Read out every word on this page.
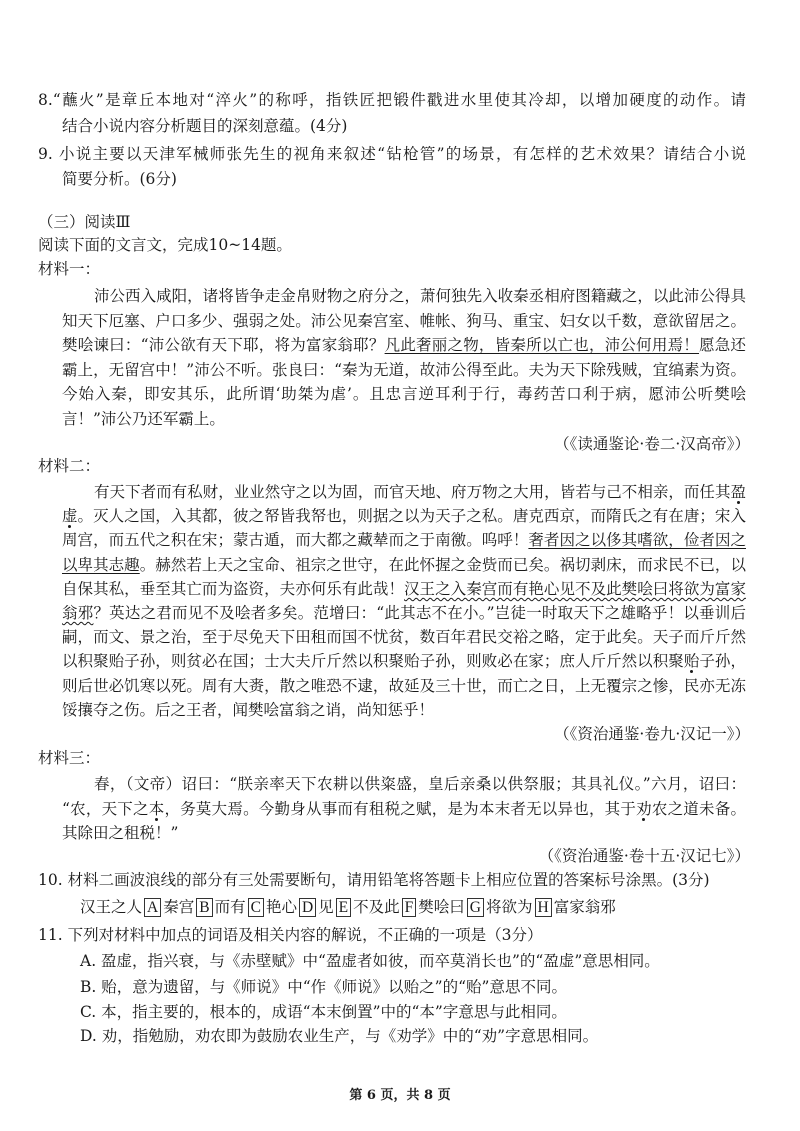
8.“蘸火”是章丘本地对“淬火”的称呼，指铁匠把锻件戳进水里使其冷却，以增加硬度的动作。请
结合小说内容分析题目的深刻意蕴。(4分)
9. 小说主要以天津军械师张先生的视角来叙述“钻枪管”的场景，有怎样的艺术效果？请结合小说
简要分析。(6分)
（三）阅读Ⅲ
阅读下面的文言文，完成10~14题。
材料一：
沛公西入咸阳，诸将皆争走金帛财物之府分之，萧何独先入收秦丞相府图籍藏之，以此沛公得具
知天下厄塞、户口多少、强弱之处。沛公见秦宫室、帷帐、狗马、重宝、妇女以千数，意欲留居之。
樊哙谏曰：“沛公欲有天下耶，将为富家翁耶？凡此奢丽之物，皆秦所以亡也，沛公何用焉！愿急还
霸上，无留宫中！”沛公不听。张良曰：“秦为无道，故沛公得至此。夫为天下除残贼，宜缟素为资。
今始入秦，即安其乐，此所谓‘助桀为虐’。且忠言逆耳利于行，毒药苦口利于病，愿沛公听樊哙
言！”沛公乃还军霸上。
（《读通鉴论·卷二·汉高帝》）
材料二：
有天下者而有私财，业业然守之以为固，而官天地、府万物之大用，皆若与己不相亲，而任其盈
虚。灭人之国，入其都，彼之帑皆我帑也，则据之以为天子之私。唐克西京，而隋氏之有在唐；宋入
周宫，而五代之积在宋；蒙古遁，而大都之藏辇而之于南徼。呜呼！奢者因之以侈其嗜欲，俭者因之
以卑其志趣。赫然若上天之宝命、祖宗之世守，在此怀握之金赀而已矣。祸切剥床，而求民不已，以
自保其私，垂至其亡而为盗资，夫亦何乐有此哉！汉王之入秦宫而有艳心见不及此樊哙曰将欲为富家
翁邪？英达之君而见不及哙者多矣。范增曰：“此其志不在小。”岂徒一时取天下之雄略乎！以垂训后
嗣，而文、景之治，至于尽免天下田租而国不忧贫，数百年君民交裕之略，定于此矣。天子而斤斤然
以积聚贻子孙，则贫必在国；士大夫斤斤然以积聚贻子孙，则败必在家；庶人斤斤然以积聚贻子孙，
则后世必饥寒以死。周有大赉，散之唯恐不逮，故延及三十世，而亡之日，上无覆宗之惨，民亦无冻
馁攘夺之伤。后之王者，闻樊哙富翁之诮，尚知惩乎！
（《资治通鉴·卷九·汉记一》）
材料三：
春，（文帝）诏曰：“朕亲率天下农耕以供粢盛，皇后亲桑以供祭服；其具礼仪。”六月，诏曰：
“农，天下之本，务莫大焉。今勤身从事而有租税之赋，是为本末者无以异也，其于劝农之道未备。
其除田之租税！”
（《资治通鉴·卷十五·汉记七》）
10. 材料二画波浪线的部分有三处需要断句，请用铅笔将答题卡上相应位置的答案标号涂黑。(3分)
汉王之人 A 秦宫 B 而有 C 艳心 D 见 E 不及此 F 樊哙曰 G 将欲为 H 富家翁邪
11. 下列对材料中加点的词语及相关内容的解说，不正确的一项是（3分）
A. 盈虚，指兴衰，与《赤壁赋》中“盈虚者如彼，而卒莫消长也”的“盈虚”意思相同。
B. 贻，意为遗留，与《师说》中“作《师说》以贻之”的“贻”意思不同。
C. 本，指主要的，根本的，成语“本末倒置”中的“本”字意思与此相同。
D. 劝，指勉励，劝农即为鼓励农业生产，与《劝学》中的“劝”字意思相同。
第 6 页，共 8 页
